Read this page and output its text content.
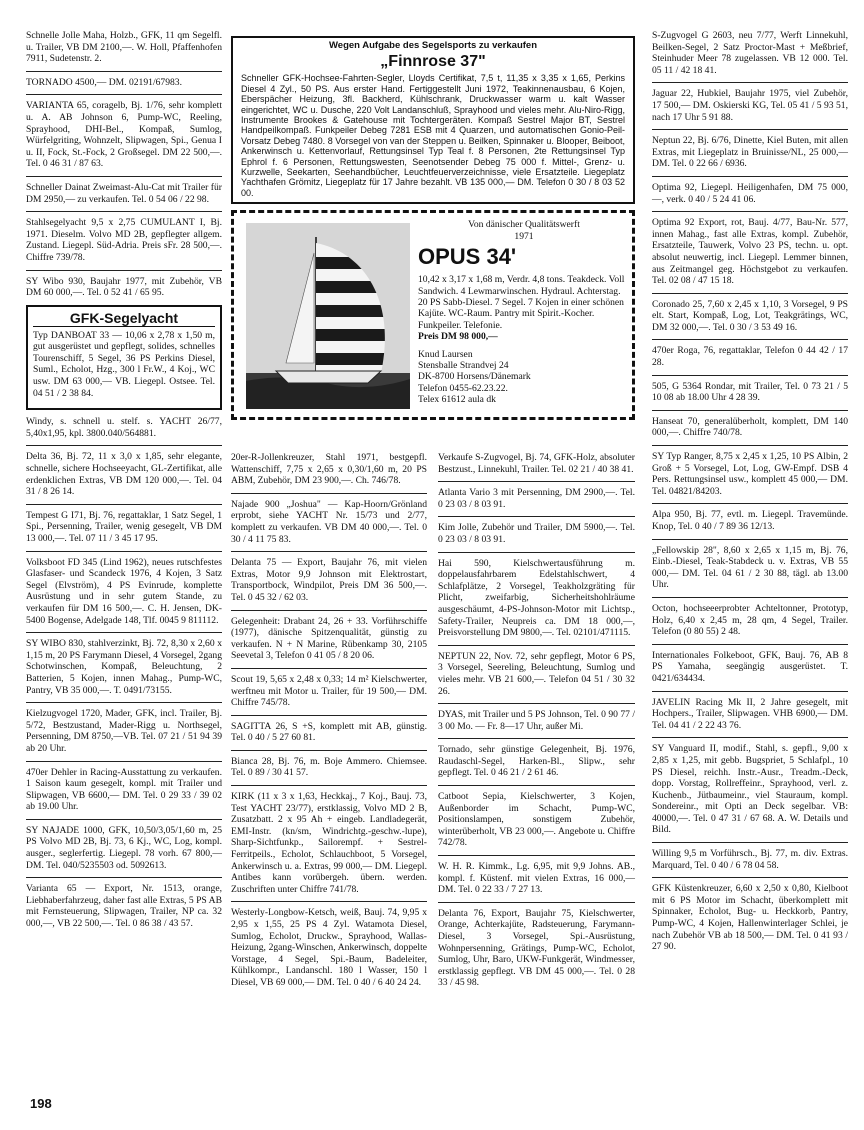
Schnelle Jolle Maha, Holzb., GFK, 11 qm Segelfl. u. Trailer, VB DM 2100,—. W. Holl, Pfaffenhofen 7911, Sudetenstr. 2.
TORNADO 4500,— DM. 02191/67983.
VARIANTA 65, coragelb, Bj. 1/76, sehr komplett u. A. AB Johnson 6, Pump-WC, Reeling, Sprayhood, DHI-Bel., Kompaß, Sumlog, Würfelgriting, Wohnzelt, Slipwagen, Spi., Genua I u. II, Fock, St.-Fock, 2 Großsegel. DM 22 500,—. Tel. 0 46 31 / 87 63.
Schneller Dainat Zweimast-Alu-Cat mit Trailer für DM 2950,— zu verkaufen. Tel. 0 54 06 / 22 98.
Stahlsegelyacht 9,5 x 2,75 CUMULANT I, Bj. 1971. Dieselm. Volvo MD 2B, gepflegter allgem. Zustand. Liegepl. Süd-Adria. Preis sFr. 28 500,—. Chiffre 739/78.
SY Wibo 930, Baujahr 1977, mit Zubehör, VB DM 60 000,—. Tel. 0 52 41 / 65 95.
GFK-Segelyacht
Typ DANBOAT 33 — 10,06 x 2,78 x 1,50 m, gut ausgerüstet und gepflegt, solides, schnelles Tourenschiff, 5 Segel, 36 PS Perkins Diesel, Suml., Echolot, Hzg., 300 l Fr.W., 4 Koj., WC usw. DM 63 000,— VB. Liegepl. Ostsee. Tel. 04 51 / 2 38 84.
Windy, s. schnell u. stelf. s. YACHT 26/77, 5,40x1,95, kpl. 3800.040/564881.
Delta 36, Bj. 72, 11 x 3,0 x 1,85, sehr elegante, schnelle, sichere Hochseeyacht, GL-Zertifikat, alle erdenklichen Extras, VB DM 120 000,—. Tel. 04 31 / 8 26 14.
Tempest G I71, Bj. 76, regattaklar, 1 Satz Segel, 1 Spi., Persenning, Trailer, wenig gesegelt, VB DM 13 000,—. Tel. 07 11 / 3 45 17 95.
Volksboot FD 345 (Lind 1962), neues rutschfestes Glasfaser- und Scandeck 1976, 4 Kojen, 3 Satz Segel (Elvström), 4 PS Evinrude, komplette Ausrüstung und in sehr gutem Stande, zu verkaufen für DM 16 500,—. C. H. Jensen, DK-5400 Bogense, Adelgade 148, Tlf. 0045 9 811112.
SY WIBO 830, stahlverzinkt, Bj. 72, 8,30 x 2,60 x 1,15 m, 20 PS Farymann Diesel, 4 Vorsegel, 2gang Schotwinschen, Kompaß, Beleuchtung, 2 Batterien, 5 Kojen, innen Mahag., Pump-WC, Pantry, VB 35 000,—. T. 0491/73155.
Kielzugvogel 1720, Mader, GFK, incl. Trailer, Bj. 5/72, Bestzustand, Mader-Rigg u. Northsegel, Persenning, DM 8750,—VB. Tel. 07 21 / 51 94 39 ab 20 Uhr.
470er Dehler in Racing-Ausstattung zu verkaufen. 1 Saison kaum gesegelt, kompl. mit Trailer und Slipwagen, VB 6600,— DM. Tel. 0 29 33 / 39 02 ab 19.00 Uhr.
SY NAJADE 1000, GFK, 10,50/3,05/1,60 m, 25 PS Volvo MD 2B, Bj. 73, 6 Kj., WC, Log, kompl. ausger., seglerfertig. Liegepl. 78 vorh. 67 800,— DM. Tel. 040/5235503 od. 5092613.
Varianta 65 — Export, Nr. 1513, orange, Liebhaberfahrzeug, daher fast alle Extras, 5 PS AB mit Fernsteuerung, Slipwagen, Trailer, NP ca. 32 000,—, VB 22 500,—. Tel. 0 86 38 / 43 57.
Wegen Aufgabe des Segelsports zu verkaufen
„Finnrose 37"
Schneller GFK-Hochsee-Fahrten-Segler, Lloyds Certifikat, 7,5 t, 11,35 x 3,35 x 1,65, Perkins Diesel 4 Zyl., 50 PS. Aus erster Hand. Fertiggestellt Juni 1972, Teakinnenausbau, 6 Kojen, Eberspächer Heizung, 3fl. Backherd, Kühlschrank, Druckwasser warm u. kalt Wasser eingerichtet, WC u. Dusche, 220 Volt Landanschluß, Sprayhood und vieles mehr. Alu-Niro-Rigg, Instrumente Brookes & Gatehouse mit Tochtergeräten. Kompaß Sestrel Major BT, Sestrel Handpeilkompaß. Funkpeiler Debeg 7281 ESB mit 4 Quarzen, und automatischen Gonio-Peil-Vorsatz Debeg 7480. 8 Vorsegel von van der Steppen u. Beilken, Spinnaker u. Blooper, Beiboot, Ankerwinsch u. Kettenvorlauf, Rettungsinsel Typ Teal f. 8 Personen, 2te Rettungsinsel Typ Ephrol f. 6 Personen, Rettungswesten, Seenotsender Debeg 75 000 f. Mittel-, Grenz- u. Kurzwelle, Seekarten, Seehandbücher, Leuchtfeuerverzeichnisse, viele Ersatzteile. Liegeplatz Yachthafen Grömitz, Liegeplatz für 17 Jahre bezahlt. VB 135 000,— DM. Telefon 0 30 / 8 03 52 00.
Von dänischer Qualitätswerft
1971
OPUS 34'
10,42 x 3,17 x 1,68 m, Verdr. 4,8 tons. Teakdeck. Voll Sandwich. 4 Lewmarwinschen. Hydraul. Achterstag. 20 PS Sabb-Diesel. 7 Segel. 7 Kojen in einer schönen Kajüte. WC-Raum. Pantry mit Spirit.-Kocher. Funkpeiler. Telefonie.
Preis DM 98 000,—
Knud Laursen
Stensballe Strandvej 24
DK-8700 Horsens/Dänemark
Telefon 0455-62.23.22.
Telex 61612 aula dk
20er-R-Jollenkreuzer, Stahl 1971, bestgepfl. Wattenschiff, 7,75 x 2,65 x 0,30/1,60 m, 20 PS ABM, Zubehör, DM 23 900,—. Ch. 746/78.
Najade 900 „Joshua" — Kap-Hoorn/Grönland erprobt, siehe YACHT Nr. 15/73 und 2/77, komplett zu verkaufen. VB DM 40 000,—. Tel. 0 30 / 4 11 75 83.
Delanta 75 — Export, Baujahr 76, mit vielen Extras, Motor 9,9 Johnson mit Elektrostart, Transportbock, Windpilot, Preis DM 36 500,—. Tel. 0 45 32 / 62 03.
Gelegenheit: Drabant 24, 26 + 33. Vorführschiffe (1977), dänische Spitzenqualität, günstig zu verkaufen. N + N Marine, Rübenkamp 30, 2105 Seevetal 3, Telefon 0 41 05 / 8 20 06.
Scout 19, 5,65 x 2,48 x 0,33; 14 m² Kielschwerter, werftneu mit Motor u. Trailer, für 19 500,— DM. Chiffre 745/78.
SAGITTA 26, S +S, komplett mit AB, günstig. Tel. 0 40 / 5 27 60 81.
Bianca 28, Bj. 76, m. Boje Ammero. Chiemsee. Tel. 0 89 / 30 41 57.
KIRK (11 x 3 x 1,63, Heckkaj., 7 Koj., Bauj. 73, Test YACHT 23/77), erstklassig, Volvo MD 2 B, Zusatzbatt. 2 x 95 Ah + eingeb. Landladegerät, EMI-Instr. (kn/sm, Windrichtg.-geschw.-lupe), Sharp-Sichtfunkp., Sailorempf. + Sestrel-Ferritpeils., Echolot, Schlauchboot, 5 Vorsegel, Ankerwinsch u. a. Extras, 99 000,— DM. Liegepl. Antibes kann vorübergeh. übern. werden. Zuschriften unter Chiffre 741/78.
Westerly-Longbow-Ketsch, weiß, Bauj. 74, 9,95 x 2,95 x 1,55, 25 PS 4 Zyl. Watamota Diesel, Sumlog, Echolot, Druckw., Sprayhood, Wallas-Heizung, 2gang-Winschen, Ankerwinsch, doppelte Vorstage, 4 Segel, Spi.-Baum, Badeleiter, Kühlkompr., Landanschl. 180 l Wasser, 150 l Diesel, VB 69 000,— DM. Tel. 0 40 / 6 40 24 24.
Verkaufe S-Zugvogel, Bj. 74, GFK-Holz, absoluter Bestzust., Linnekuhl, Trailer. Tel. 02 21 / 40 38 41.
Atlanta Vario 3 mit Persenning, DM 2900,—. Tel. 0 23 03 / 8 03 91.
Kim Jolle, Zubehör und Trailer, DM 5900,—. Tel. 0 23 03 / 8 03 91.
Hai 590, Kielschwertausführung m. doppelausfahrbarem Edelstahlschwert, 4 Schlafplätze, 2 Vorsegel, Teakholzgräting für Plicht, zweifarbig, Sicherheitshohlräume ausgeschäumt, 4-PS-Johnson-Motor mit Lichtsp., Safety-Trailer, Neupreis ca. DM 18 000,—, Preisvorstellung DM 9800,—. Tel. 02101/471115.
NEPTUN 22, Nov. 72, sehr gepflegt, Motor 6 PS, 3 Vorsegel, Seereling, Beleuchtung, Sumlog und vieles mehr. VB 21 600,—. Telefon 04 51 / 30 32 26.
DYAS, mit Trailer und 5 PS Johnson, Tel. 0 90 77 / 3 00 Mo. — Fr. 8—17 Uhr, außer Mi.
Tornado, sehr günstige Gelegenheit, Bj. 1976, Raudaschl-Segel, Harken-Bl., Slipw., sehr gepflegt. Tel. 0 46 21 / 2 61 46.
Catboot Sepia, Kielschwerter, 3 Kojen, Außenborder im Schacht, Pump-WC, Positionslampen, sonstigem Zubehör, winterüberholt, VB 23 000,—. Angebote u. Chiffre 742/78.
W. H. R. Kimmk., Lg. 6,95, mit 9,9 Johns. AB., kompl. f. Küstenf. mit vielen Extras, 16 000,— DM. Tel. 0 22 33 / 7 27 13.
Delanta 76, Export, Baujahr 75, Kielschwerter, Orange, Achterkajüte, Radsteuerung, Farymann-Diesel, 3 Vorsegel, Spi.-Ausrüstung, Wohnpersenning, Grätings, Pump-WC, Echolot, Sumlog, Uhr, Baro, UKW-Funkgerät, Windmesser, erstklassig gepflegt. VB DM 45 000,—. Tel. 0 28 33 / 45 98.
S-Zugvogel G 2603, neu 7/77, Werft Linnekuhl, Beilken-Segel, 2 Satz Proctor-Mast + Meßbrief, Steinhuder Meer 78 zugelassen. VB 12 000. Tel. 05 11 / 42 18 41.
Jaguar 22, Hubkiel, Baujahr 1975, viel Zubehör, 17 500,— DM. Oskierski KG, Tel. 05 41 / 5 93 51, nach 17 Uhr 5 91 88.
Neptun 22, Bj. 6/76, Dinette, Kiel Buten, mit allen Extras, mit Liegeplatz in Bruinisse/NL, 25 000,— DM. Tel. 0 22 66 / 6936.
Optima 92, Liegepl. Heiligenhafen, DM 75 000,—, verk. 0 40 / 5 24 41 06.
Optima 92 Export, rot, Bauj. 4/77, Bau-Nr. 577, innen Mahag., fast alle Extras, kompl. Zubehör, Ersatzteile, Tauwerk, Volvo 23 PS, techn. u. opt. absolut neuwertig, incl. Liegepl. Lemmer binnen, aus Zeitmangel geg. Höchstgebot zu verkaufen. Tel. 02 08 / 47 15 18.
Coronado 25, 7,60 x 2,45 x 1,10, 3 Vorsegel, 9 PS elt. Start, Kompaß, Log, Lot, Teakgrätings, WC, DM 32 000,—. Tel. 0 30 / 3 53 49 16.
470er Roga, 76, regattaklar, Telefon 0 44 42 / 17 28.
505, G 5364 Rondar, mit Trailer, Tel. 0 73 21 / 5 10 08 ab 18.00 Uhr 4 28 39.
Hanseat 70, generalüberholt, komplett, DM 140 000,—. Chiffre 740/78.
SY Typ Ranger, 8,75 x 2,45 x 1,25, 10 PS Albin, 2 Groß + 5 Vorsegel, Lot, Log, GW-Empf. DSB 4 Pers. Rettungsinsel usw., komplett 45 000,— DM. Tel. 04821/84203.
Alpa 950, Bj. 77, evtl. m. Liegepl. Travemünde. Knop, Tel. 0 40 / 7 89 36 12/13.
„Fellowskip 28", 8,60 x 2,65 x 1,15 m, Bj. 76, Einb.-Diesel, Teak-Stabdeck u. v. Extras, VB 55 000,— DM. Tel. 04 61 / 2 30 88, tägl. ab 13.00 Uhr.
Octon, hochseeerprobter Achteltonner, Prototyp, Holz, 6,40 x 2,45 m, 28 qm, 4 Segel, Trailer. Telefon (0 80 55) 2 48.
Internationales Folkeboot, GFK, Bauj. 76, AB 8 PS Yamaha, seegängig ausgerüstet. T. 0421/634434.
JAVELIN Racing Mk II, 2 Jahre gesegelt, mit Hochpers., Trailer, Slipwagen. VHB 6900,— DM. Tel. 04 41 / 2 22 43 76.
SY Vanguard II, modif., Stahl, s. gepfl., 9,00 x 2,85 x 1,25, mit gebb. Bugspriet, 5 Schlafpl., 10 PS Diesel, reichh. Instr.-Ausr., Treadm.-Deck, dopp. Vorstag, Rollreffeinr., Sprayhood, verl. z. Kuchenb., Jütbaumeinr., viel Stauraum, kompl. Sondereinr., mit Opti an Deck segelbar. VB: 40000,—. Tel. 0 47 31 / 67 68. A. W. Details und Bild.
Willing 9,5 m Vorführsch., Bj. 77, m. div. Extras. Marquard, Tel. 0 40 / 6 78 04 58.
GFK Küstenkreuzer, 6,60 x 2,50 x 0,80, Kielboot mit 6 PS Motor im Schacht, überkomplett mit Spinnaker, Echolot, Bug- u. Heckkorb, Pantry, Pump-WC, 4 Kojen, Hallenwinterlager Schlei, je nach Zubehör VB ab 18 500,— DM. Tel. 0 41 93 / 27 90.
198
